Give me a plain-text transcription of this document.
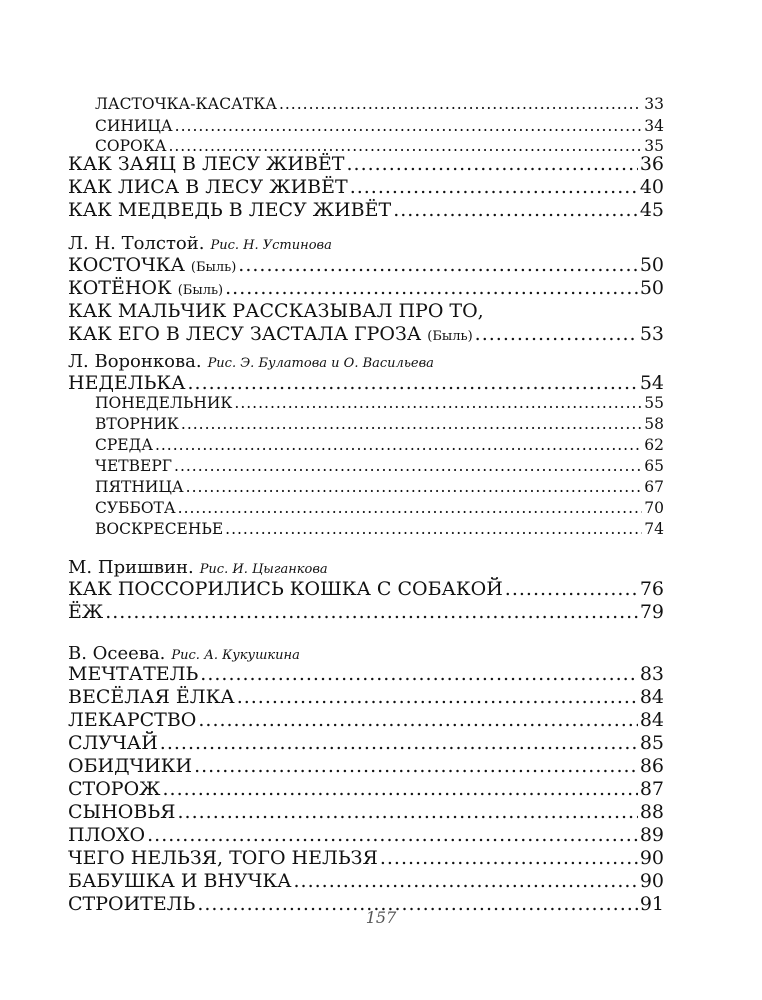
ЛАСТОЧКА-КАСАТКА .....	33
СИНИЦА .....	34
СОРОКА .....	35
КАК ЗАЯЦ В ЛЕСУ ЖИВЁТ .....	36
КАК ЛИСА В ЛЕСУ ЖИВЁТ .....	40
КАК МЕДВЕДЬ В ЛЕСУ ЖИВЁТ .....	45
Л. Н. Толстой. Рис. Н. Устинова
КОСТОЧКА (Быль) .....	50
КОТЁНОК (Быль) .....	50
КАК МАЛЬЧИК РАССКАЗЫВАЛ ПРО ТО,
КАК ЕГО В ЛЕСУ ЗАСТАЛА ГРОЗА (Быль) .....	53
Л. Воронкова. Рис. Э. Булатова и О. Васильева
НЕДЕЛЬКА .....	54
ПОНЕДЕЛЬНИК .....	55
ВТОРНИК .....	58
СРЕДА .....	62
ЧЕТВЕРГ .....	65
ПЯТНИЦА .....	67
СУББОТА .....	70
ВОСКРЕСЕНЬЕ .....	74
М. Пришвин. Рис. И. Цыганкова
КАК ПОССОРИЛИСЬ КОШКА С СОБАКОЙ .....	76
ЁЖ .....	79
В. Осеева. Рис. А. Кукушкина
МЕЧТАТЕЛЬ .....	83
ВЕСЁЛАЯ ЁЛКА .....	84
ЛЕКАРСТВО .....	84
СЛУЧАЙ .....	85
ОБИДЧИКИ .....	86
СТОРОЖ .....	87
СЫНОВЬЯ .....	88
ПЛОХО .....	89
ЧЕГО НЕЛЬЗЯ, ТОГО НЕЛЬЗЯ .....	90
БАБУШКА И ВНУЧКА .....	90
СТРОИТЕЛЬ .....	91
157
